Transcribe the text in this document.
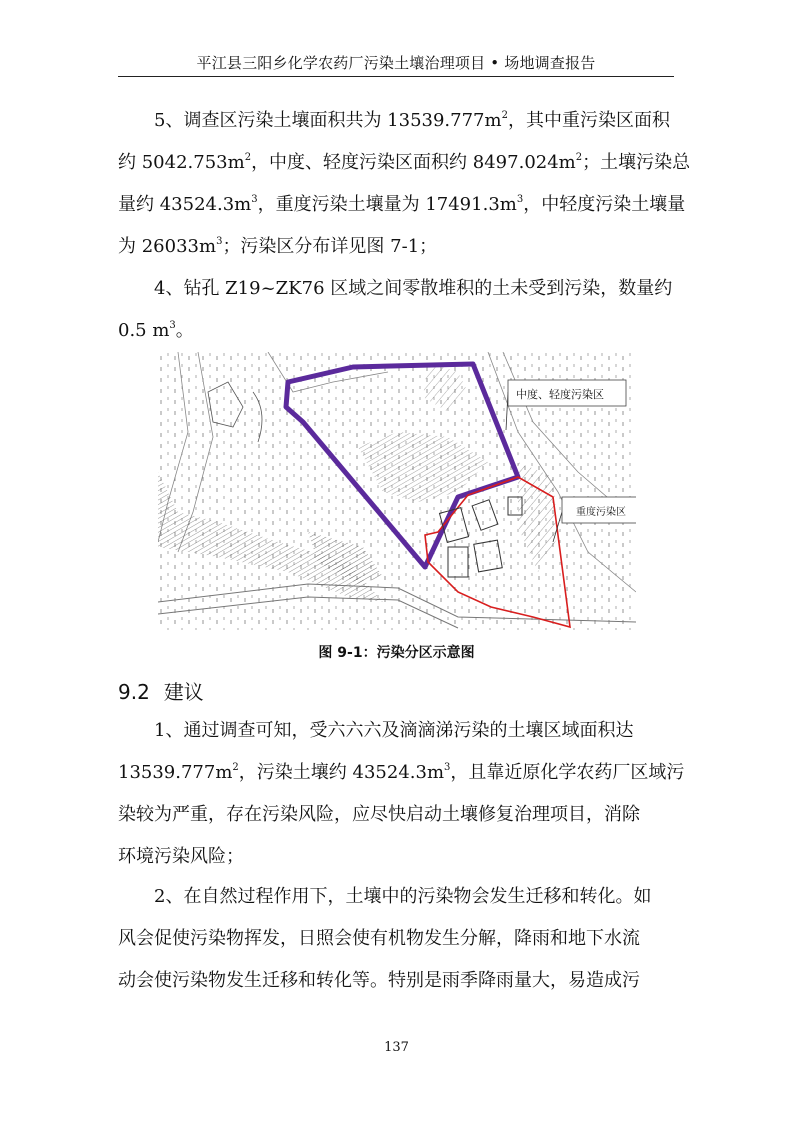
平江县三阳乡化学农药厂污染土壤治理项目 • 场地调查报告
5、调查区污染土壤面积共为 $13539.777m^2$，其中重污染区面积
约 $5042.753m^2$，中度、轻度污染区面积约 $8497.024m^2$；土壤污染总
量约 $43524.3m^3$，重度污染土壤量为 $17491.3m^3$，中轻度污染土壤量
为 $26033m^3$；污染区分布详见图 7-1；
4、钻孔 Z19~ZK76 区域之间零散堆积的土未受到污染，数量约
0.5 $m^3$。
中度、轻度污染区
重度污染区
图 9-1：污染分区示意图
9.2 建议
1、通过调查可知，受六六六及滴滴涕污染的土壤区域面积达
$13539.777m^2$，污染土壤约 $43524.3m^3$，且靠近原化学农药厂区域污
染较为严重，存在污染风险，应尽快启动土壤修复治理项目，消除
环境污染风险；
2、在自然过程作用下，土壤中的污染物会发生迁移和转化。如
风会促使污染物挥发，日照会使有机物发生分解，降雨和地下水流
动会使污染物发生迁移和转化等。特别是雨季降雨量大，易造成污
137
